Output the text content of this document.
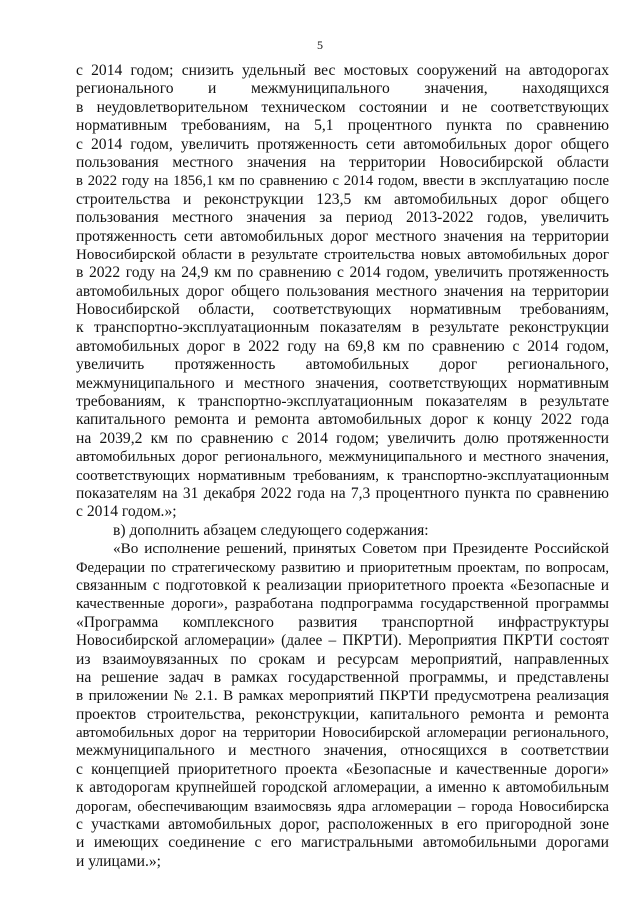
5
с 2014 годом; снизить удельный вес мостовых сооружений на автодорогах
регионального и межмуниципального значения, находящихся
в неудовлетворительном техническом состоянии и не соответствующих
нормативным требованиям, на 5,1 процентного пункта по сравнению
с 2014 годом, увеличить протяженность сети автомобильных дорог общего
пользования местного значения на территории Новосибирской области
в 2022 году на 1856,1 км по сравнению с 2014 годом, ввести в эксплуатацию после
строительства и реконструкции 123,5 км автомобильных дорог общего
пользования местного значения за период 2013-2022 годов, увеличить
протяженность сети автомобильных дорог местного значения на территории
Новосибирской области в результате строительства новых автомобильных дорог
в 2022 году на 24,9 км по сравнению с 2014 годом, увеличить протяженность
автомобильных дорог общего пользования местного значения на территории
Новосибирской области, соответствующих нормативным требованиям,
к транспортно-эксплуатационным показателям в результате реконструкции
автомобильных дорог в 2022 году на 69,8 км по сравнению с 2014 годом,
увеличить протяженность автомобильных дорог регионального,
межмуниципального и местного значения, соответствующих нормативным
требованиям, к транспортно-эксплуатационным показателям в результате
капитального ремонта и ремонта автомобильных дорог к концу 2022 года
на 2039,2 км по сравнению с 2014 годом; увеличить долю протяженности
автомобильных дорог регионального, межмуниципального и местного значения,
соответствующих нормативным требованиям, к транспортно-эксплуатационным
показателям на 31 декабря 2022 года на 7,3 процентного пункта по сравнению
с 2014 годом.»;
в) дополнить абзацем следующего содержания:
«Во исполнение решений, принятых Советом при Президенте Российской
Федерации по стратегическому развитию и приоритетным проектам, по вопросам,
связанным с подготовкой к реализации приоритетного проекта «Безопасные и
качественные дороги», разработана подпрограмма государственной программы
«Программа комплексного развития транспортной инфраструктуры
Новосибирской агломерации» (далее – ПКРТИ). Мероприятия ПКРТИ состоят
из взаимоувязанных по срокам и ресурсам мероприятий, направленных
на решение задач в рамках государственной программы, и представлены
в приложении № 2.1. В рамках мероприятий ПКРТИ предусмотрена реализация
проектов строительства, реконструкции, капитального ремонта и ремонта
автомобильных дорог на территории Новосибирской агломерации регионального,
межмуниципального и местного значения, относящихся в соответствии
с концепцией приоритетного проекта «Безопасные и качественные дороги»
к автодорогам крупнейшей городской агломерации, а именно к автомобильным
дорогам, обеспечивающим взаимосвязь ядра агломерации – города Новосибирска
с участками автомобильных дорог, расположенных в его пригородной зоне
и имеющих соединение с его магистральными автомобильными дорогами
и улицами.»;
